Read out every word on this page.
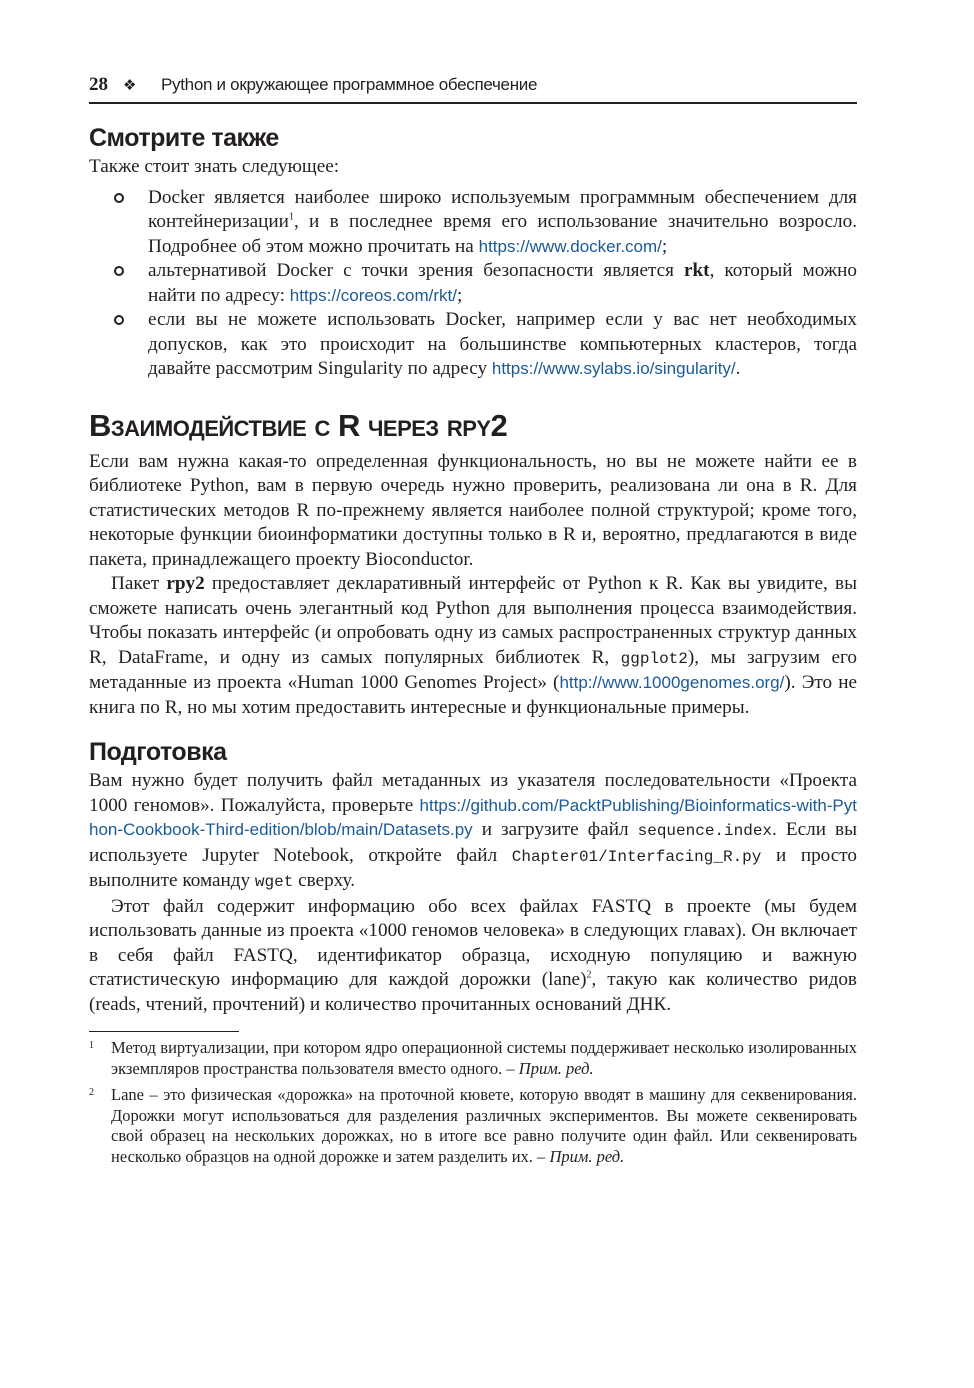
28	❖	Python и окружающее программное обеспечение
Смотрите также

Также стоит знать следующее:

Docker является наиболее широко используемым программным обеспечением для контейнеризации$^1$, и в последнее время его использование значительно возросло. Подробнее об этом можно прочитать на https://www.docker.com/;
альтернативой Docker с точки зрения безопасности является rkt, который можно найти по адресу: https://coreos.com/rkt/;
если вы не можете использовать Docker, например если у вас нет необходимых допусков, как это происходит на большинстве компьютерных кластеров, тогда давайте рассмотрим Singularity по адресу https://www.sylabs.io/singularity/.
Взаимодействие с R через rpy2

Если вам нужна какая-то определенная функциональность, но вы не можете найти ее в библиотеке Python, вам в первую очередь нужно проверить, реализована ли она в R. Для статистических методов R по-прежнему является наиболее полной структурой; кроме того, некоторые функции биоинформатики доступны только в R и, вероятно, предлагаются в виде пакета, принадлежащего проекту Bioconductor.

Пакет rpy2 предоставляет декларативный интерфейс от Python к R. Как вы увидите, вы сможете написать очень элегантный код Python для выполнения процесса взаимодействия. Чтобы показать интерфейс (и опробовать одну из самых распространенных структур данных R, DataFrame, и одну из самых популярных библиотек R, ggplot2), мы загрузим его метаданные из проекта «Human 1000 Genomes Project» (http://www.1000genomes.org/). Это не книга по R, но мы хотим предоставить интересные и функциональные примеры.

Подготовка

Вам нужно будет получить файл метаданных из указателя последовательности «Проекта 1000 геномов». Пожалуйста, проверьте https://github.com/PacktPublishing/Bioinformatics-with-Python-Cookbook-Third-edition/blob/main/Datasets.py и загрузите файл sequence.index. Если вы используете Jupyter Notebook, откройте файл Chapter01/Interfacing_R.py и просто выполните команду wget сверху.

Этот файл содержит информацию обо всех файлах FASTQ в проекте (мы будем использовать данные из проекта «1000 геномов человека» в следующих главах). Он включает в себя файл FASTQ, идентификатор образца, исходную популяцию и важную статистическую информацию для каждой дорожки (lane)$^2$, такую как количество ридов (reads, чтений, прочтений) и количество прочитанных оснований ДНК.

1 Метод виртуализации, при котором ядро операционной системы поддерживает несколько изолированных экземпляров пространства пользователя вместо одного. – Прим. ред.
2 Lane – это физическая «дорожка» на проточной кювете, которую вводят в машину для секвенирования. Дорожки могут использоваться для разделения различных экспериментов. Вы можете секвенировать свой образец на нескольких дорожках, но в итоге все равно получите один файл. Или секвенировать несколько образцов на одной дорожке и затем разделить их. – Прим. ред.
